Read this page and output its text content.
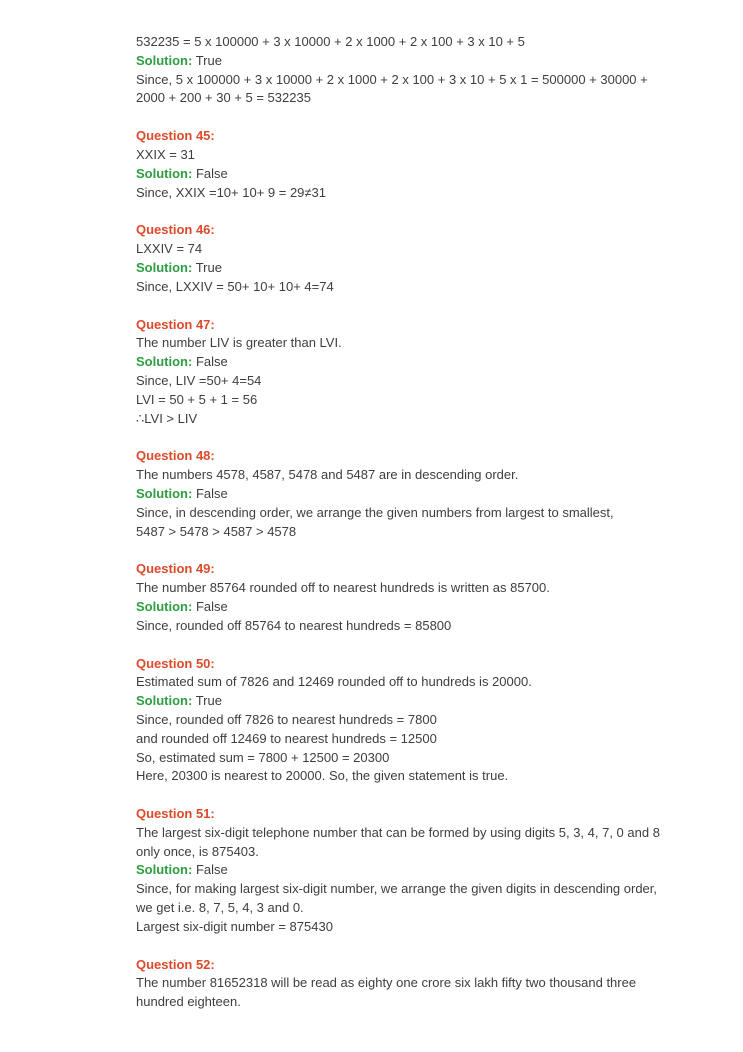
532235 = 5 x 100000 + 3 x 10000 + 2 x 1000 + 2 x 100 + 3 x 10 + 5
Solution: True
Since, 5 x 100000 + 3 x 10000 + 2 x 1000 + 2 x 100 + 3 x 10 + 5 x 1 = 500000 + 30000 +
2000 + 200 + 30 + 5 = 532235
Question 45:
XXIX = 31
Solution: False
Since, XXIX =10+ 10+ 9 = 29≠31
Question 46:
LXXIV = 74
Solution: True
Since, LXXIV = 50+ 10+ 10+ 4=74
Question 47:
The number LIV is greater than LVI.
Solution: False
Since, LIV =50+ 4=54
LVI = 50 + 5 + 1 = 56
∴LVI > LIV
Question 48:
The numbers 4578, 4587, 5478 and 5487 are in descending order.
Solution: False
Since, in descending order, we arrange the given numbers from largest to smallest,
5487 > 5478 > 4587 > 4578
Question 49:
The number 85764 rounded off to nearest hundreds is written as 85700.
Solution: False
Since, rounded off 85764 to nearest hundreds = 85800
Question 50:
Estimated sum of 7826 and 12469 rounded off to hundreds is 20000.
Solution: True
Since, rounded off 7826 to nearest hundreds = 7800
and rounded off 12469 to nearest hundreds = 12500
So, estimated sum = 7800 + 12500 = 20300
Here, 20300 is nearest to 20000. So, the given statement is true.
Question 51:
The largest six-digit telephone number that can be formed by using digits 5, 3, 4, 7, 0 and 8
only once, is 875403.
Solution: False
Since, for making largest six-digit number, we arrange the given digits in descending order,
we get i.e. 8, 7, 5, 4, 3 and 0.
Largest six-digit number = 875430
Question 52:
The number 81652318 will be read as eighty one crore six lakh fifty two thousand three
hundred eighteen.
